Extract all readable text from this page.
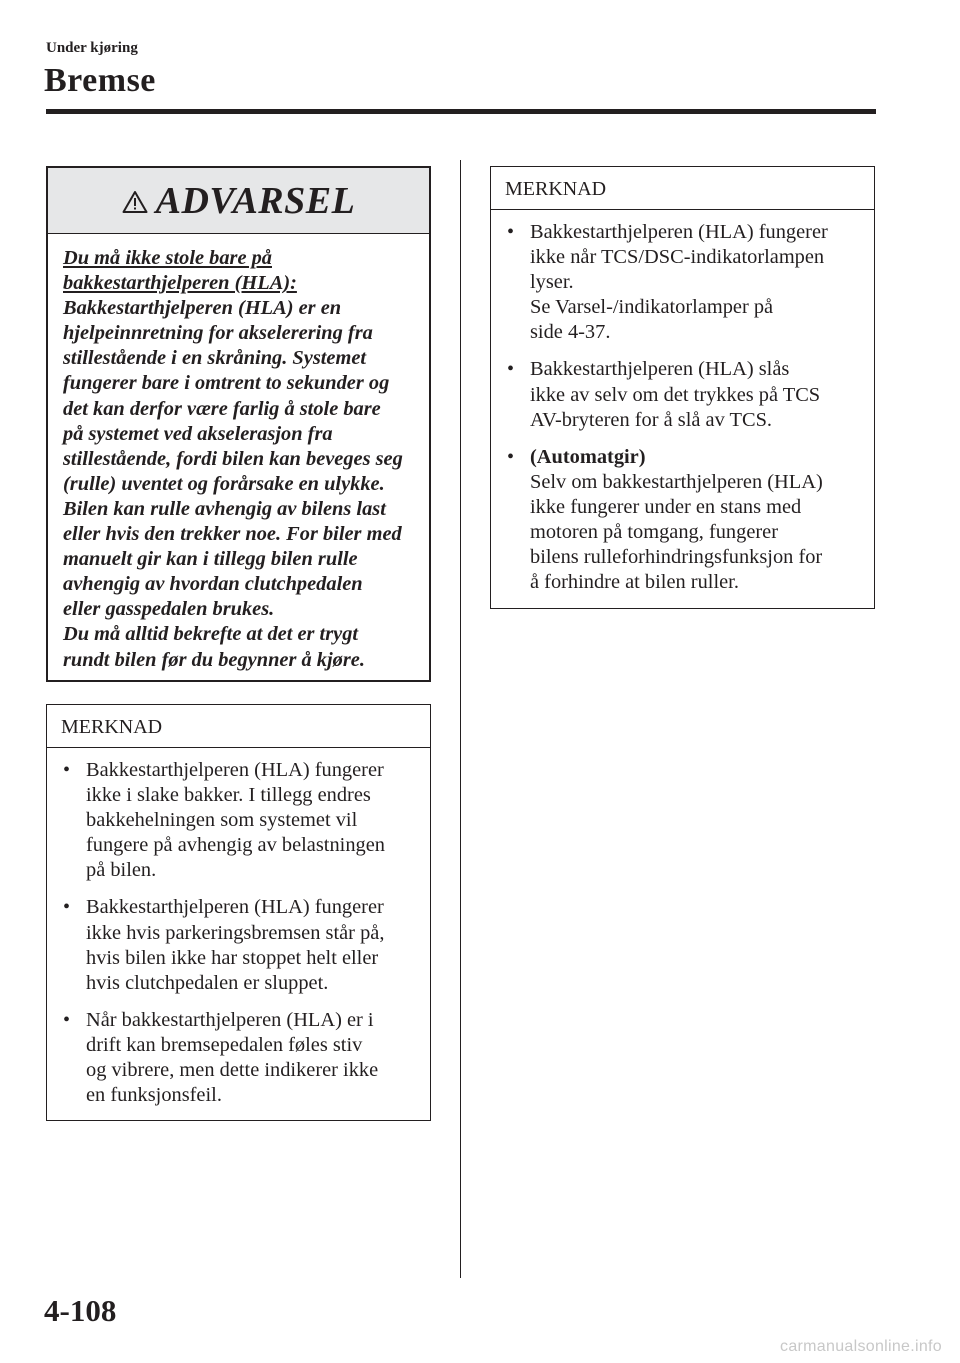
Under kjøring
Bremse
ADVARSEL
Du må ikke stole bare på
bakkestarthjelperen (HLA):

Bakkestarthjelperen (HLA) er en
hjelpeinnretning for akselerering fra
stillestående i en skråning. Systemet
fungerer bare i omtrent to sekunder og
det kan derfor være farlig å stole bare
på systemet ved akselerasjon fra
stillestående, fordi bilen kan beveges seg
(rulle) uventet og forårsake en ulykke.
Bilen kan rulle avhengig av bilens last
eller hvis den trekker noe. For biler med
manuelt gir kan i tillegg bilen rulle
avhengig av hvordan clutchpedalen
eller gasspedalen brukes.
Du må alltid bekrefte at det er trygt
rundt bilen før du begynner å kjøre.

MERKNAD
• Bakkestarthjelperen (HLA) fungerer
ikke i slake bakker. I tillegg endres
bakkehelningen som systemet vil
fungere på avhengig av belastningen
på bilen.
• Bakkestarthjelperen (HLA) fungerer
ikke hvis parkeringsbremsen står på,
hvis bilen ikke har stoppet helt eller
hvis clutchpedalen er sluppet.
• Når bakkestarthjelperen (HLA) er i
drift kan bremsepedalen føles stiv
og vibrere, men dette indikerer ikke
en funksjonsfeil.
MERKNAD
• Bakkestarthjelperen (HLA) fungerer
ikke når TCS/DSC-indikatorlampen
lyser.
Se Varsel-/indikatorlamper på
side 4-37.
• Bakkestarthjelperen (HLA) slås
ikke av selv om det trykkes på TCS
AV-bryteren for å slå av TCS.
• (Automatgir)
Selv om bakkestarthjelperen (HLA)
ikke fungerer under en stans med
motoren på tomgang, fungerer
bilens rulleforhindringsfunksjon for
å forhindre at bilen ruller.
4-108
carmanualsonline.info
